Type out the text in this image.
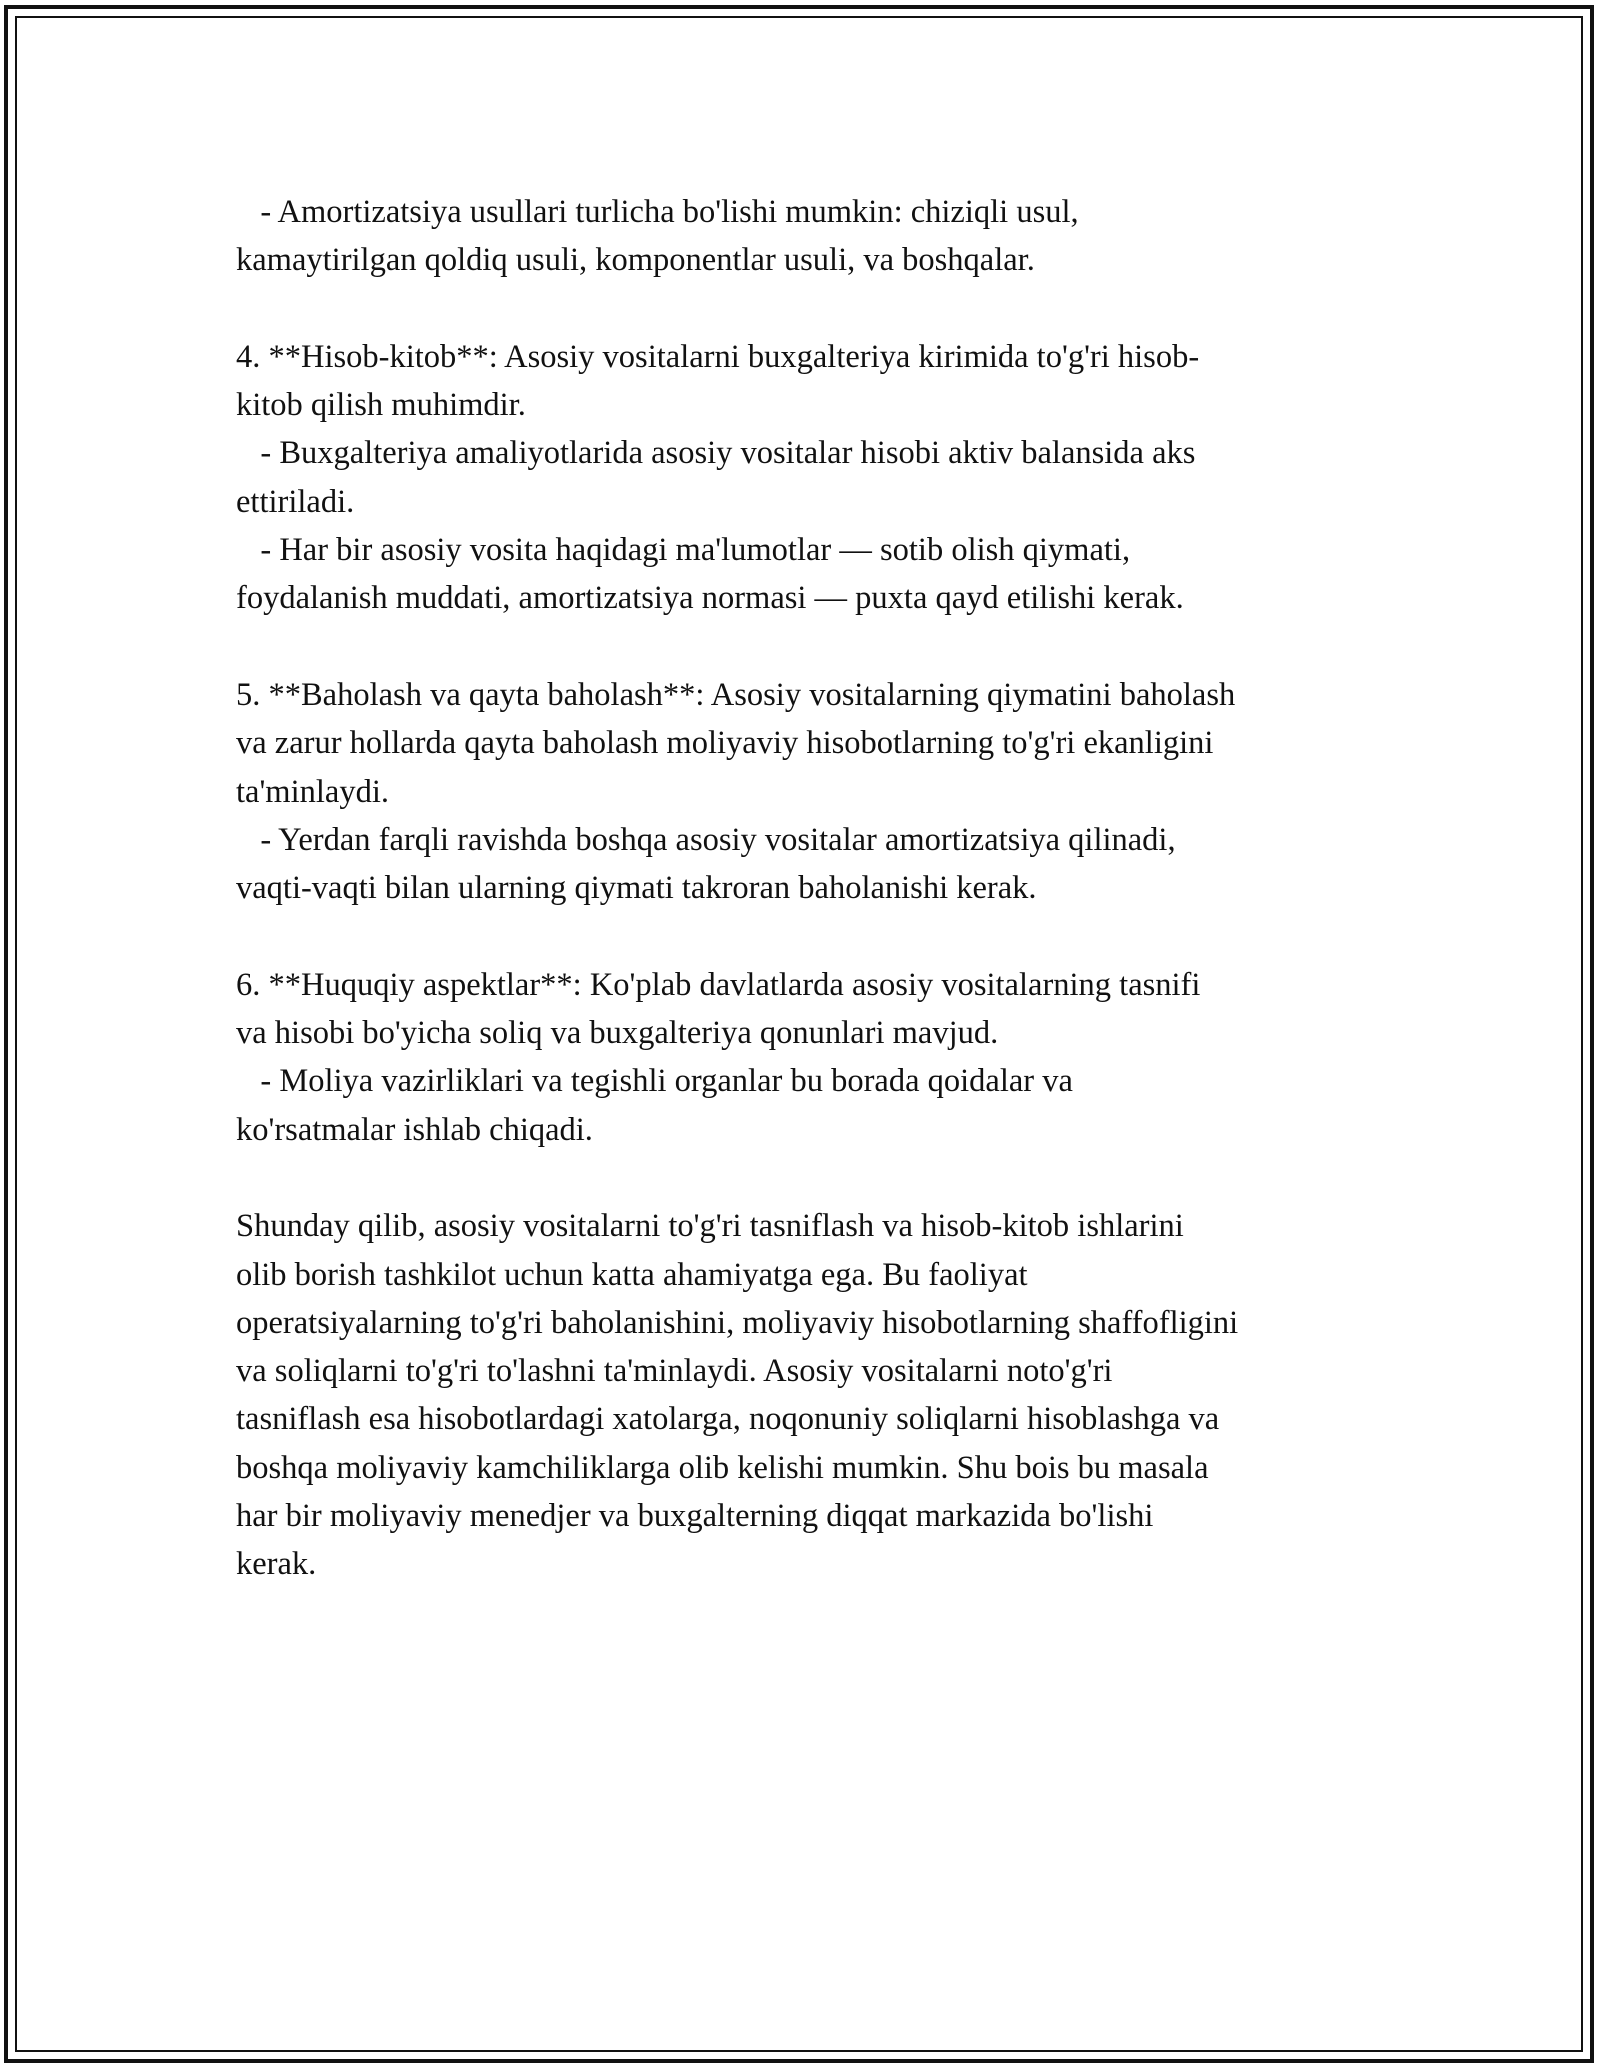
- Amortizatsiya usullari turlicha bo'lishi mumkin: chiziqli usul,
kamaytirilgan qoldiq usuli, komponentlar usuli, va boshqalar.
4. **Hisob-kitob**: Asosiy vositalarni buxgalteriya kirimida to'g'ri hisob-
kitob qilish muhimdir.
- Buxgalteriya amaliyotlarida asosiy vositalar hisobi aktiv balansida aks
ettiriladi.
- Har bir asosiy vosita haqidagi ma'lumotlar — sotib olish qiymati,
foydalanish muddati, amortizatsiya normasi — puxta qayd etilishi kerak.
5. **Baholash va qayta baholash**: Asosiy vositalarning qiymatini baholash
va zarur hollarda qayta baholash moliyaviy hisobotlarning to'g'ri ekanligini
ta'minlaydi.
- Yerdan farqli ravishda boshqa asosiy vositalar amortizatsiya qilinadi,
vaqti-vaqti bilan ularning qiymati takroran baholanishi kerak.
6. **Huquqiy aspektlar**: Ko'plab davlatlarda asosiy vositalarning tasnifi
va hisobi bo'yicha soliq va buxgalteriya qonunlari mavjud.
- Moliya vazirliklari va tegishli organlar bu borada qoidalar va
ko'rsatmalar ishlab chiqadi.
Shunday qilib, asosiy vositalarni to'g'ri tasniflash va hisob-kitob ishlarini
olib borish tashkilot uchun katta ahamiyatga ega. Bu faoliyat
operatsiyalarning to'g'ri baholanishini, moliyaviy hisobotlarning shaffofligini
va soliqlarni to'g'ri to'lashni ta'minlaydi. Asosiy vositalarni noto'g'ri
tasniflash esa hisobotlardagi xatolarga, noqonuniy soliqlarni hisoblashga va
boshqa moliyaviy kamchiliklarga olib kelishi mumkin. Shu bois bu masala
har bir moliyaviy menedjer va buxgalterning diqqat markazida bo'lishi
kerak.
